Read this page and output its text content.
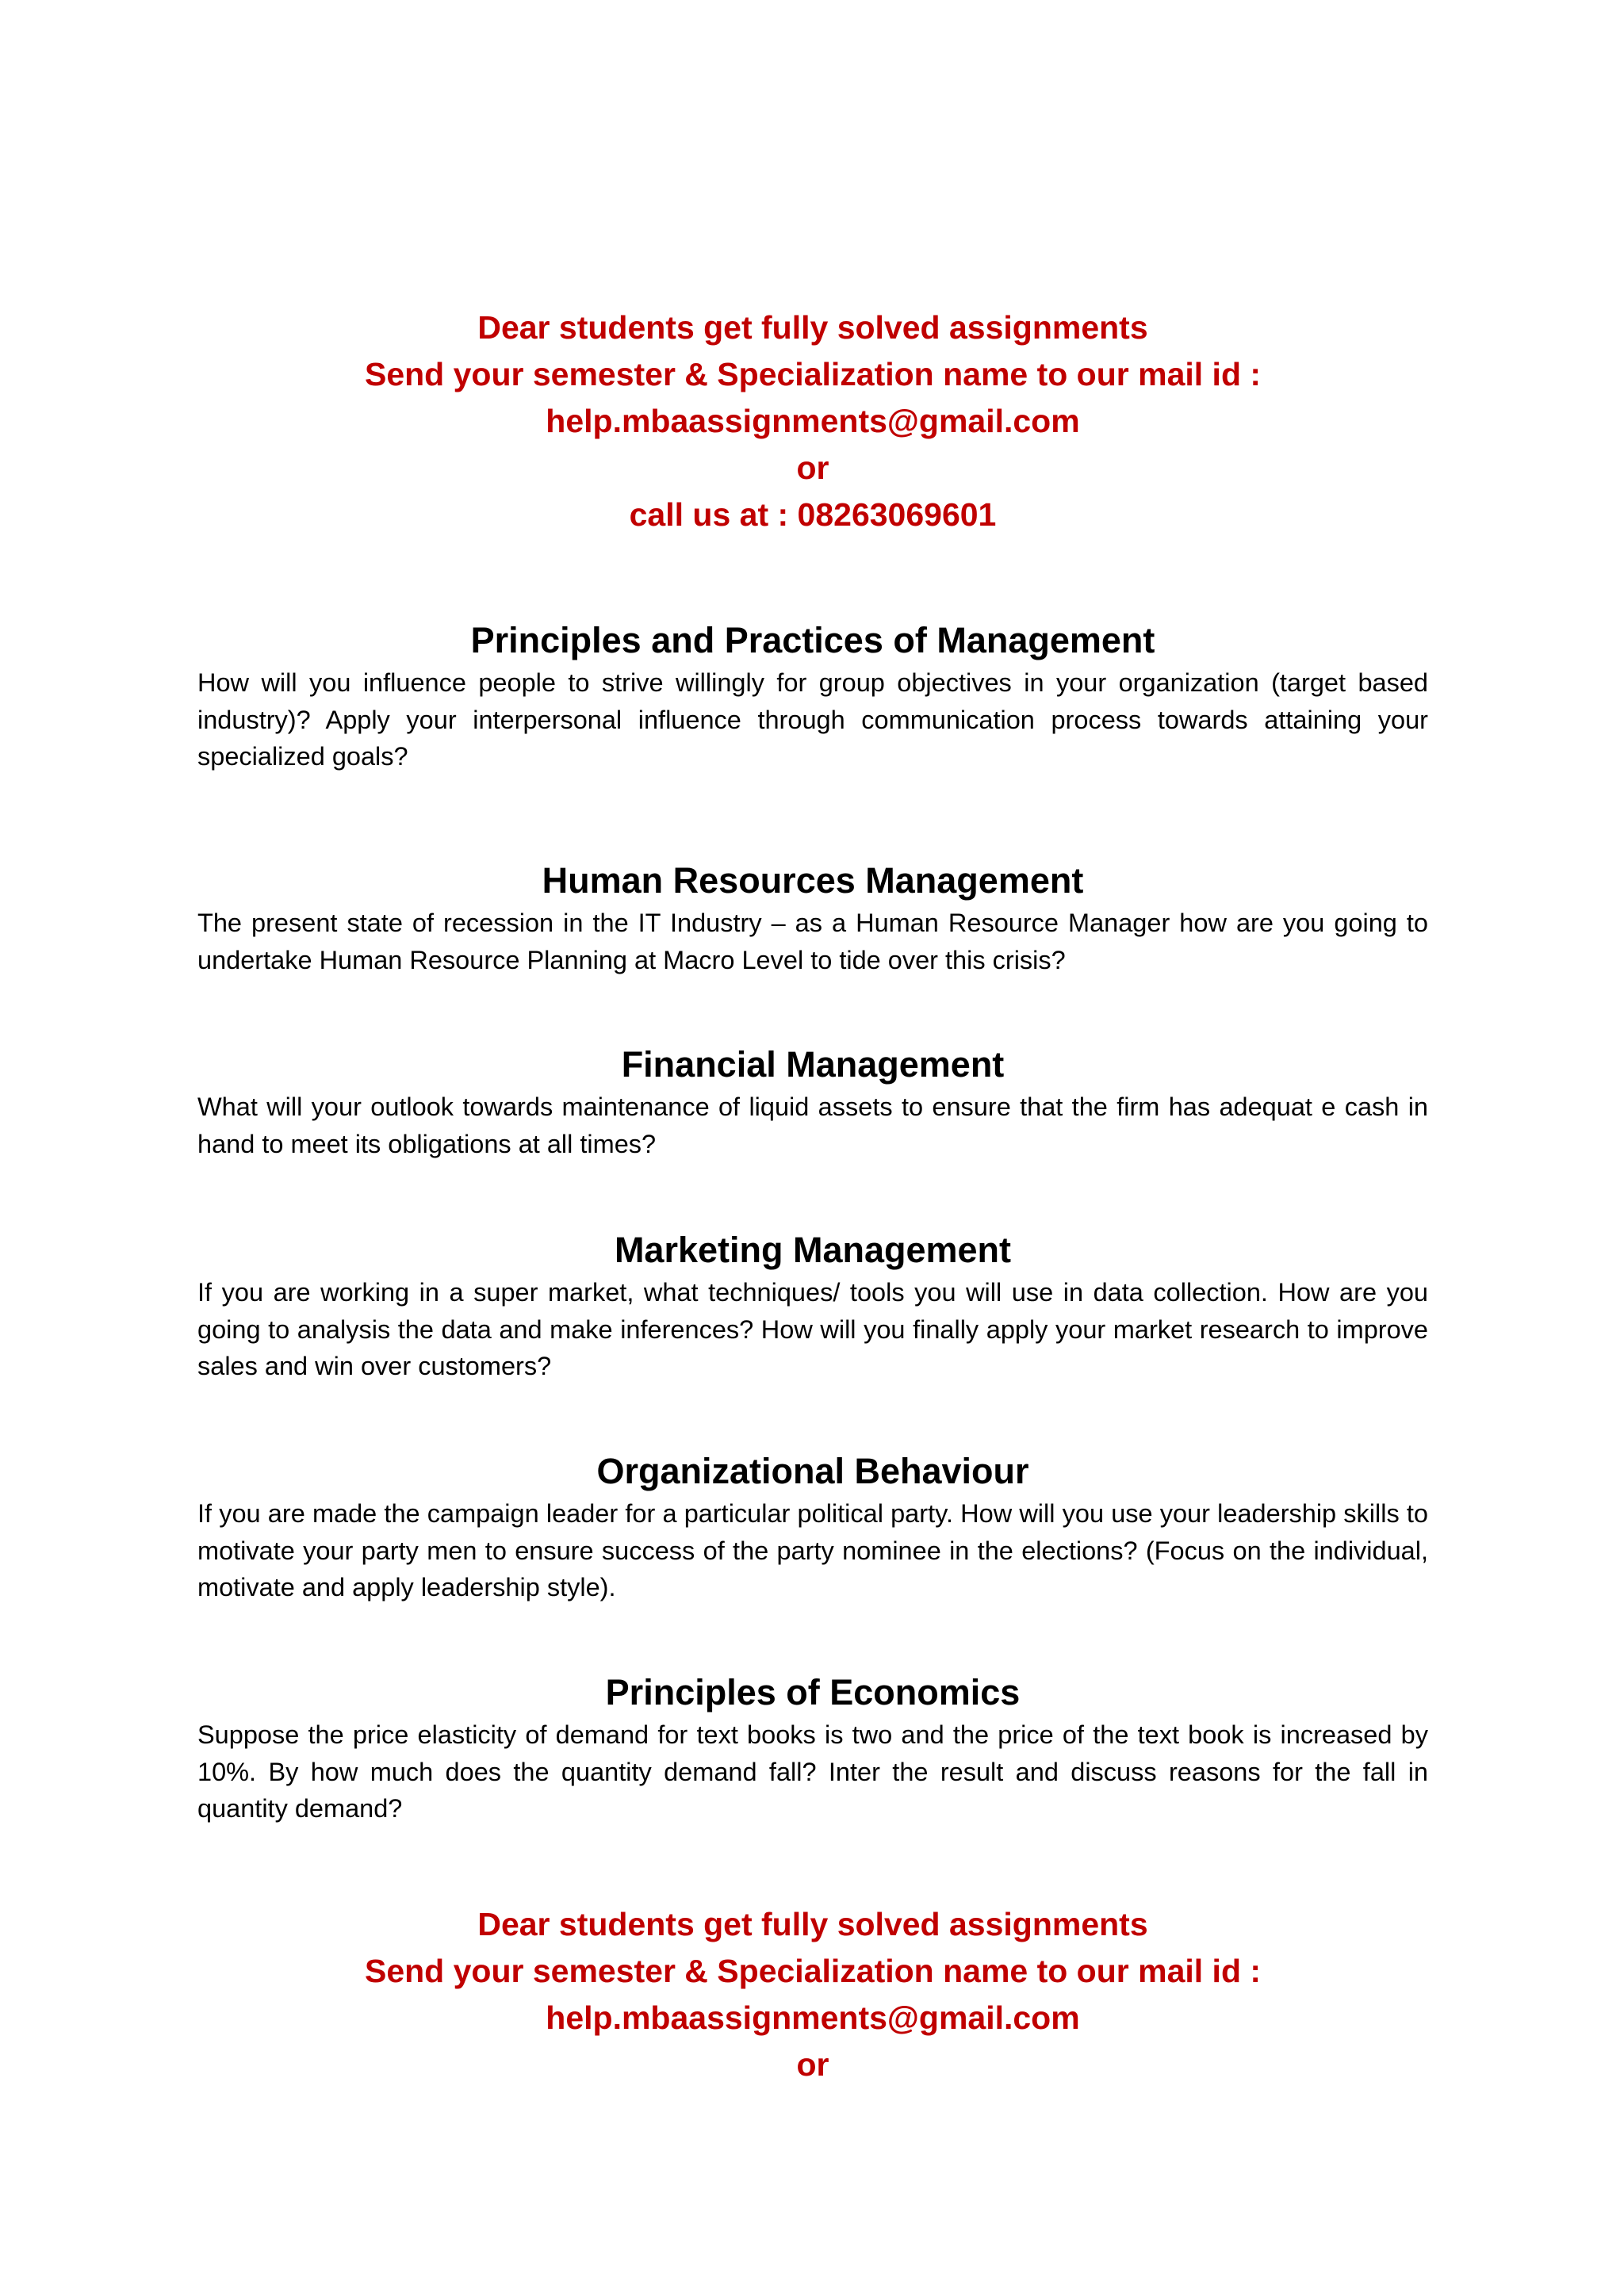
Dear students get fully solved assignments
Send your semester & Specialization name to our mail id :
help.mbaassignments@gmail.com
or
call us at : 08263069601
Principles and Practices of Management

How will you influence people to strive willingly for group objectives in your organization (target based industry)? Apply your interpersonal influence through communication process towards attaining your specialized goals?

Human Resources Management

The present state of recession in the IT Industry – as a Human Resource Manager how are you going to undertake Human Resource Planning at Macro Level to tide over this crisis?

Financial Management

What will your outlook towards maintenance of liquid assets to ensure that the firm has adequat e cash in hand to meet its obligations at all times?

Marketing Management

If you are working in a super market, what techniques/ tools you will use in data collection. How are you going to analysis the data and make inferences? How will you finally apply your market research to improve sales and win over customers?

Organizational Behaviour

If you are made the campaign leader for a particular political party. How will you use your leadership skills to motivate your party men to ensure success of the party nominee in the elections? (Focus on the individual, motivate and apply leadership style).

Principles of Economics

Suppose the price elasticity of demand for text books is two and the price of the text book is increased by 10%. By how much does the quantity demand fall? Inter the result and discuss reasons for the fall in quantity demand?

Dear students get fully solved assignments
Send your semester & Specialization name to our mail id :
help.mbaassignments@gmail.com
or
